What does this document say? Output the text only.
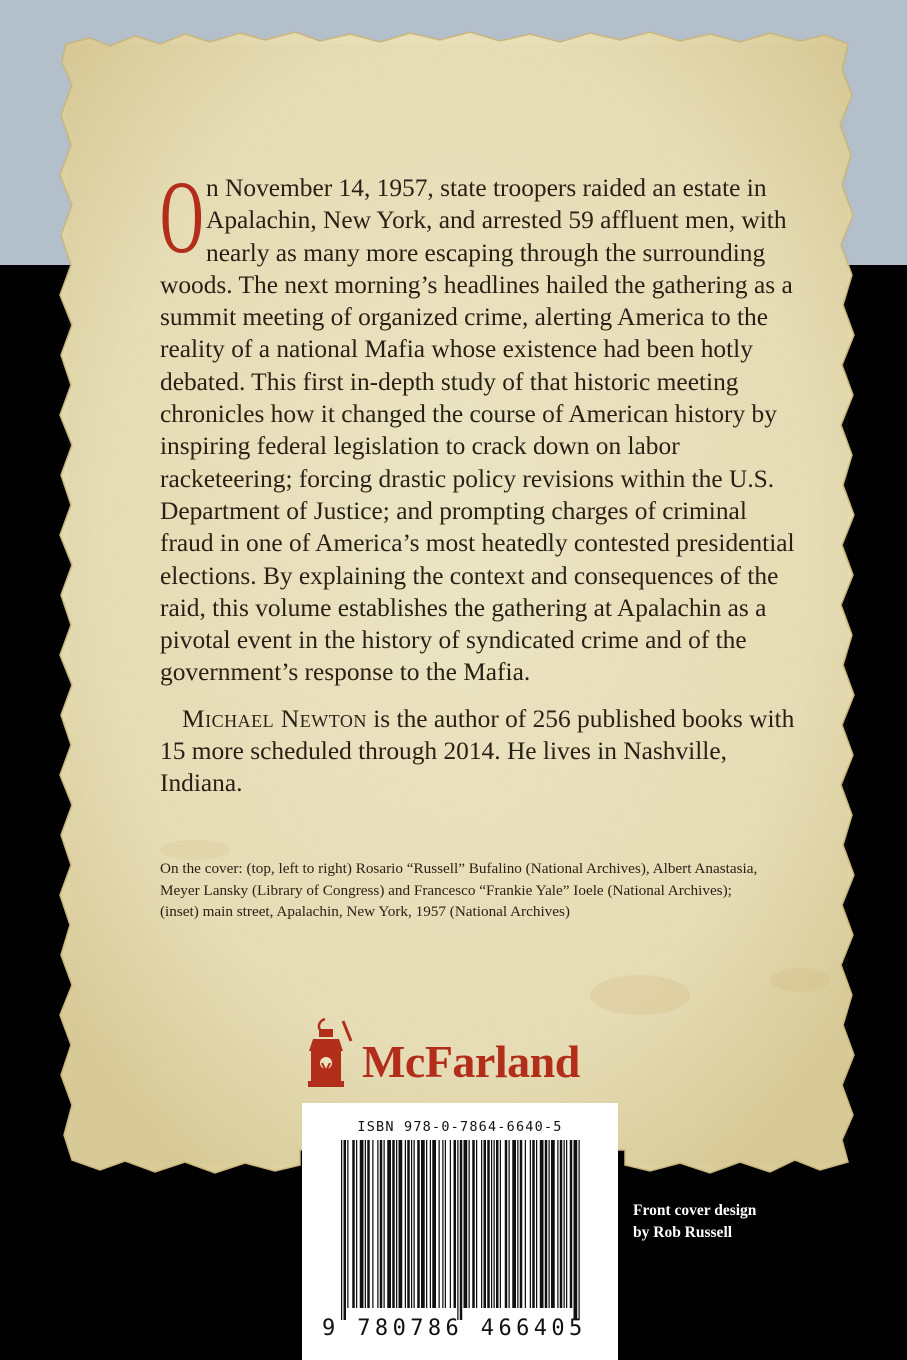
On November 14, 1957, state troopers raided an estate in Apalachin, New York, and arrested 59 affluent men, with nearly as many more escaping through the surrounding woods. The next morning’s headlines hailed the gathering as a summit meeting of organized crime, alerting America to the reality of a national Mafia whose existence had been hotly debated. This first in-depth study of that historic meeting chronicles how it changed the course of American history by inspiring federal legislation to crack down on labor racketeering; forcing drastic policy revisions within the U.S. Department of Justice; and prompting charges of criminal fraud in one of America’s most heatedly contested presidential elections. By explaining the context and consequences of the raid, this volume establishes the gathering at Apalachin as a pivotal event in the history of syndicated crime and of the government’s response to the Mafia.

Michael Newton is the author of 256 published books with 15 more scheduled through 2014. He lives in Nashville, Indiana.

On the cover: (top, left to right) Rosario “Russell” Bufalino (National Archives), Albert Anastasia, Meyer Lansky (Library of Congress) and Francesco “Frankie Yale” Ioele (National Archives); (inset) main street, Apalachin, New York, 1957 (National Archives)
McFarland
ISBN 978-0-7864-6640-5
9 780786 466405
Front cover design
by Rob Russell
